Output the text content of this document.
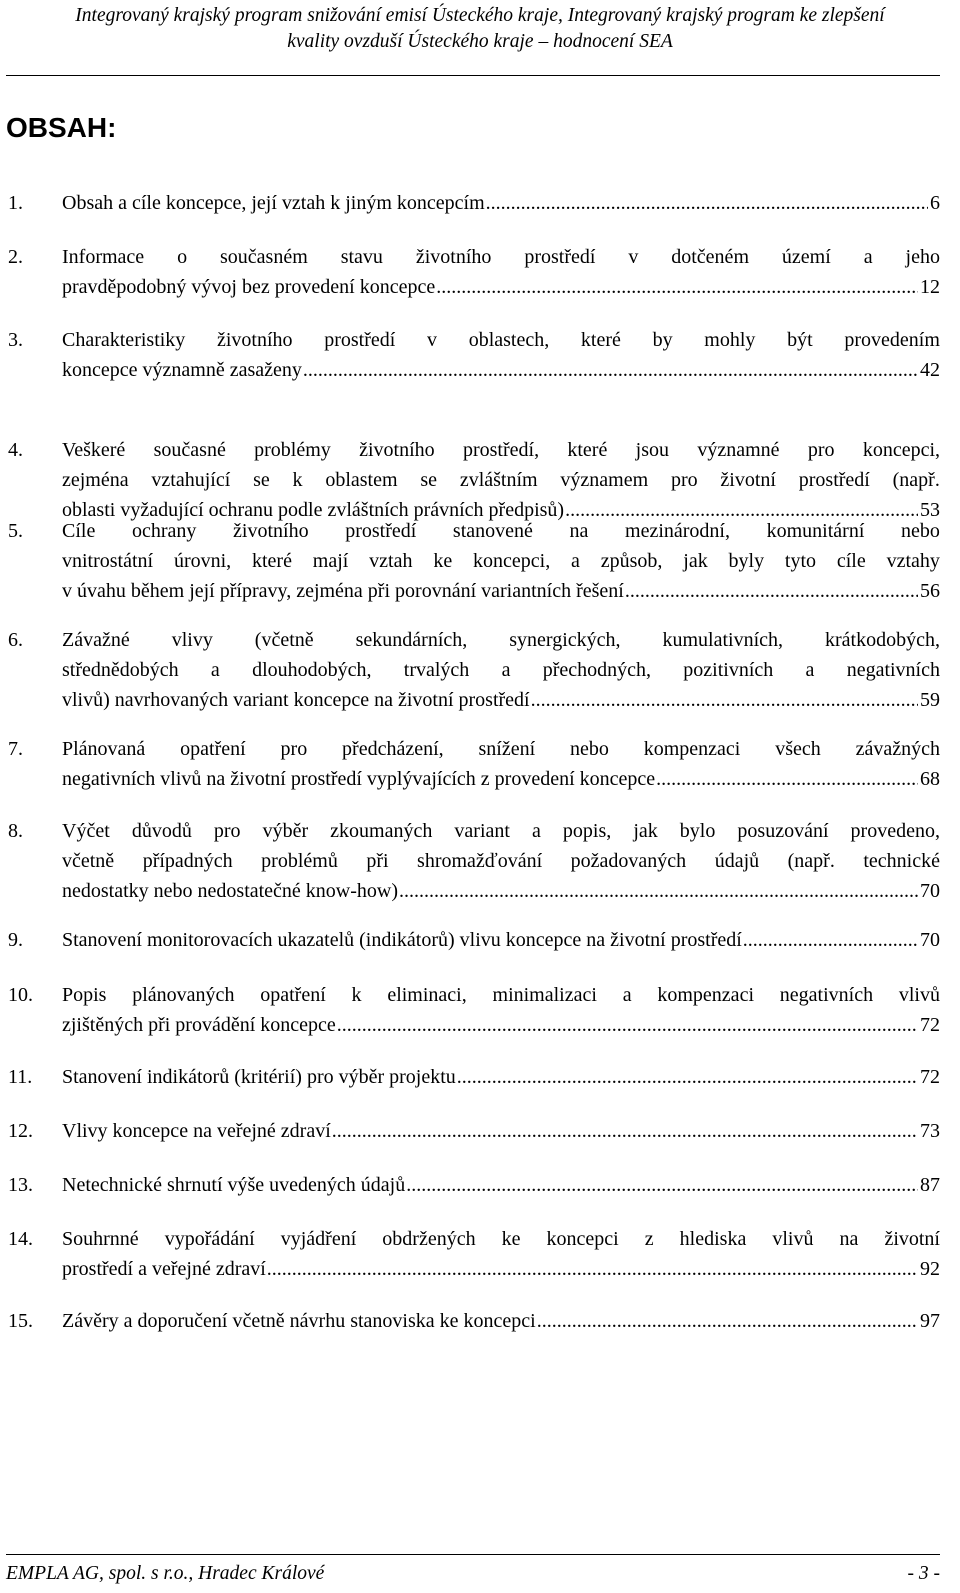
Integrovaný krajský program snižování emisí Ústeckého kraje, Integrovaný krajský program ke zlepšení
kvality ovzduší Ústeckého kraje – hodnocení SEA
OBSAH:
1. Obsah a cíle koncepce, její vztah k jiným koncepcím .....	6
2. Informace o současném stavu životního prostředí v dotčeném území a jeho
pravděpodobný vývoj bez provedení koncepce .....	12
3. Charakteristiky životního prostředí v oblastech, které by mohly být provedením
koncepce významně zasaženy .....	42
4. Veškeré současné problémy životního prostředí, které jsou významné pro koncepci,
zejména vztahující se k oblastem se zvláštním významem pro životní prostředí (např.
oblasti vyžadující ochranu podle zvláštních právních předpisů) .....	53
5. Cíle ochrany životního prostředí stanovené na mezinárodní, komunitární nebo
vnitrostátní úrovni, které mají vztah ke koncepci, a způsob, jak byly tyto cíle vztahy
v úvahu během její přípravy, zejména při porovnání variantních řešení .....	56
6. Závažné vlivy (včetně sekundárních, synergických, kumulativních, krátkodobých,
střednědobých a dlouhodobých, trvalých a přechodných, pozitivních a negativních
vlivů) navrhovaných variant koncepce na životní prostředí .....	59
7. Plánovaná opatření pro předcházení, snížení nebo kompenzaci všech závažných
negativních vlivů na životní prostředí vyplývajících z provedení koncepce .....	68
8. Výčet důvodů pro výběr zkoumaných variant a popis, jak bylo posuzování provedeno,
včetně případných problémů při shromažďování požadovaných údajů (např. technické
nedostatky nebo nedostatečné know-how) .....	70
9. Stanovení monitorovacích ukazatelů (indikátorů) vlivu koncepce na životní prostředí .....	70
10. Popis plánovaných opatření k eliminaci, minimalizaci a kompenzaci negativních vlivů
zjištěných při provádění koncepce .....	72
11. Stanovení indikátorů (kritérií) pro výběr projektu .....	72
12. Vlivy koncepce na veřejné zdraví .....	73
13. Netechnické shrnutí výše uvedených údajů .....	87
14. Souhrnné vypořádání vyjádření obdržených ke koncepci z hlediska vlivů na životní
prostředí a veřejné zdraví .....	92
15. Závěry a doporučení včetně návrhu stanoviska ke koncepci .....	97
EMPLA AG, spol. s r.o., Hradec Králové	- 3 -
